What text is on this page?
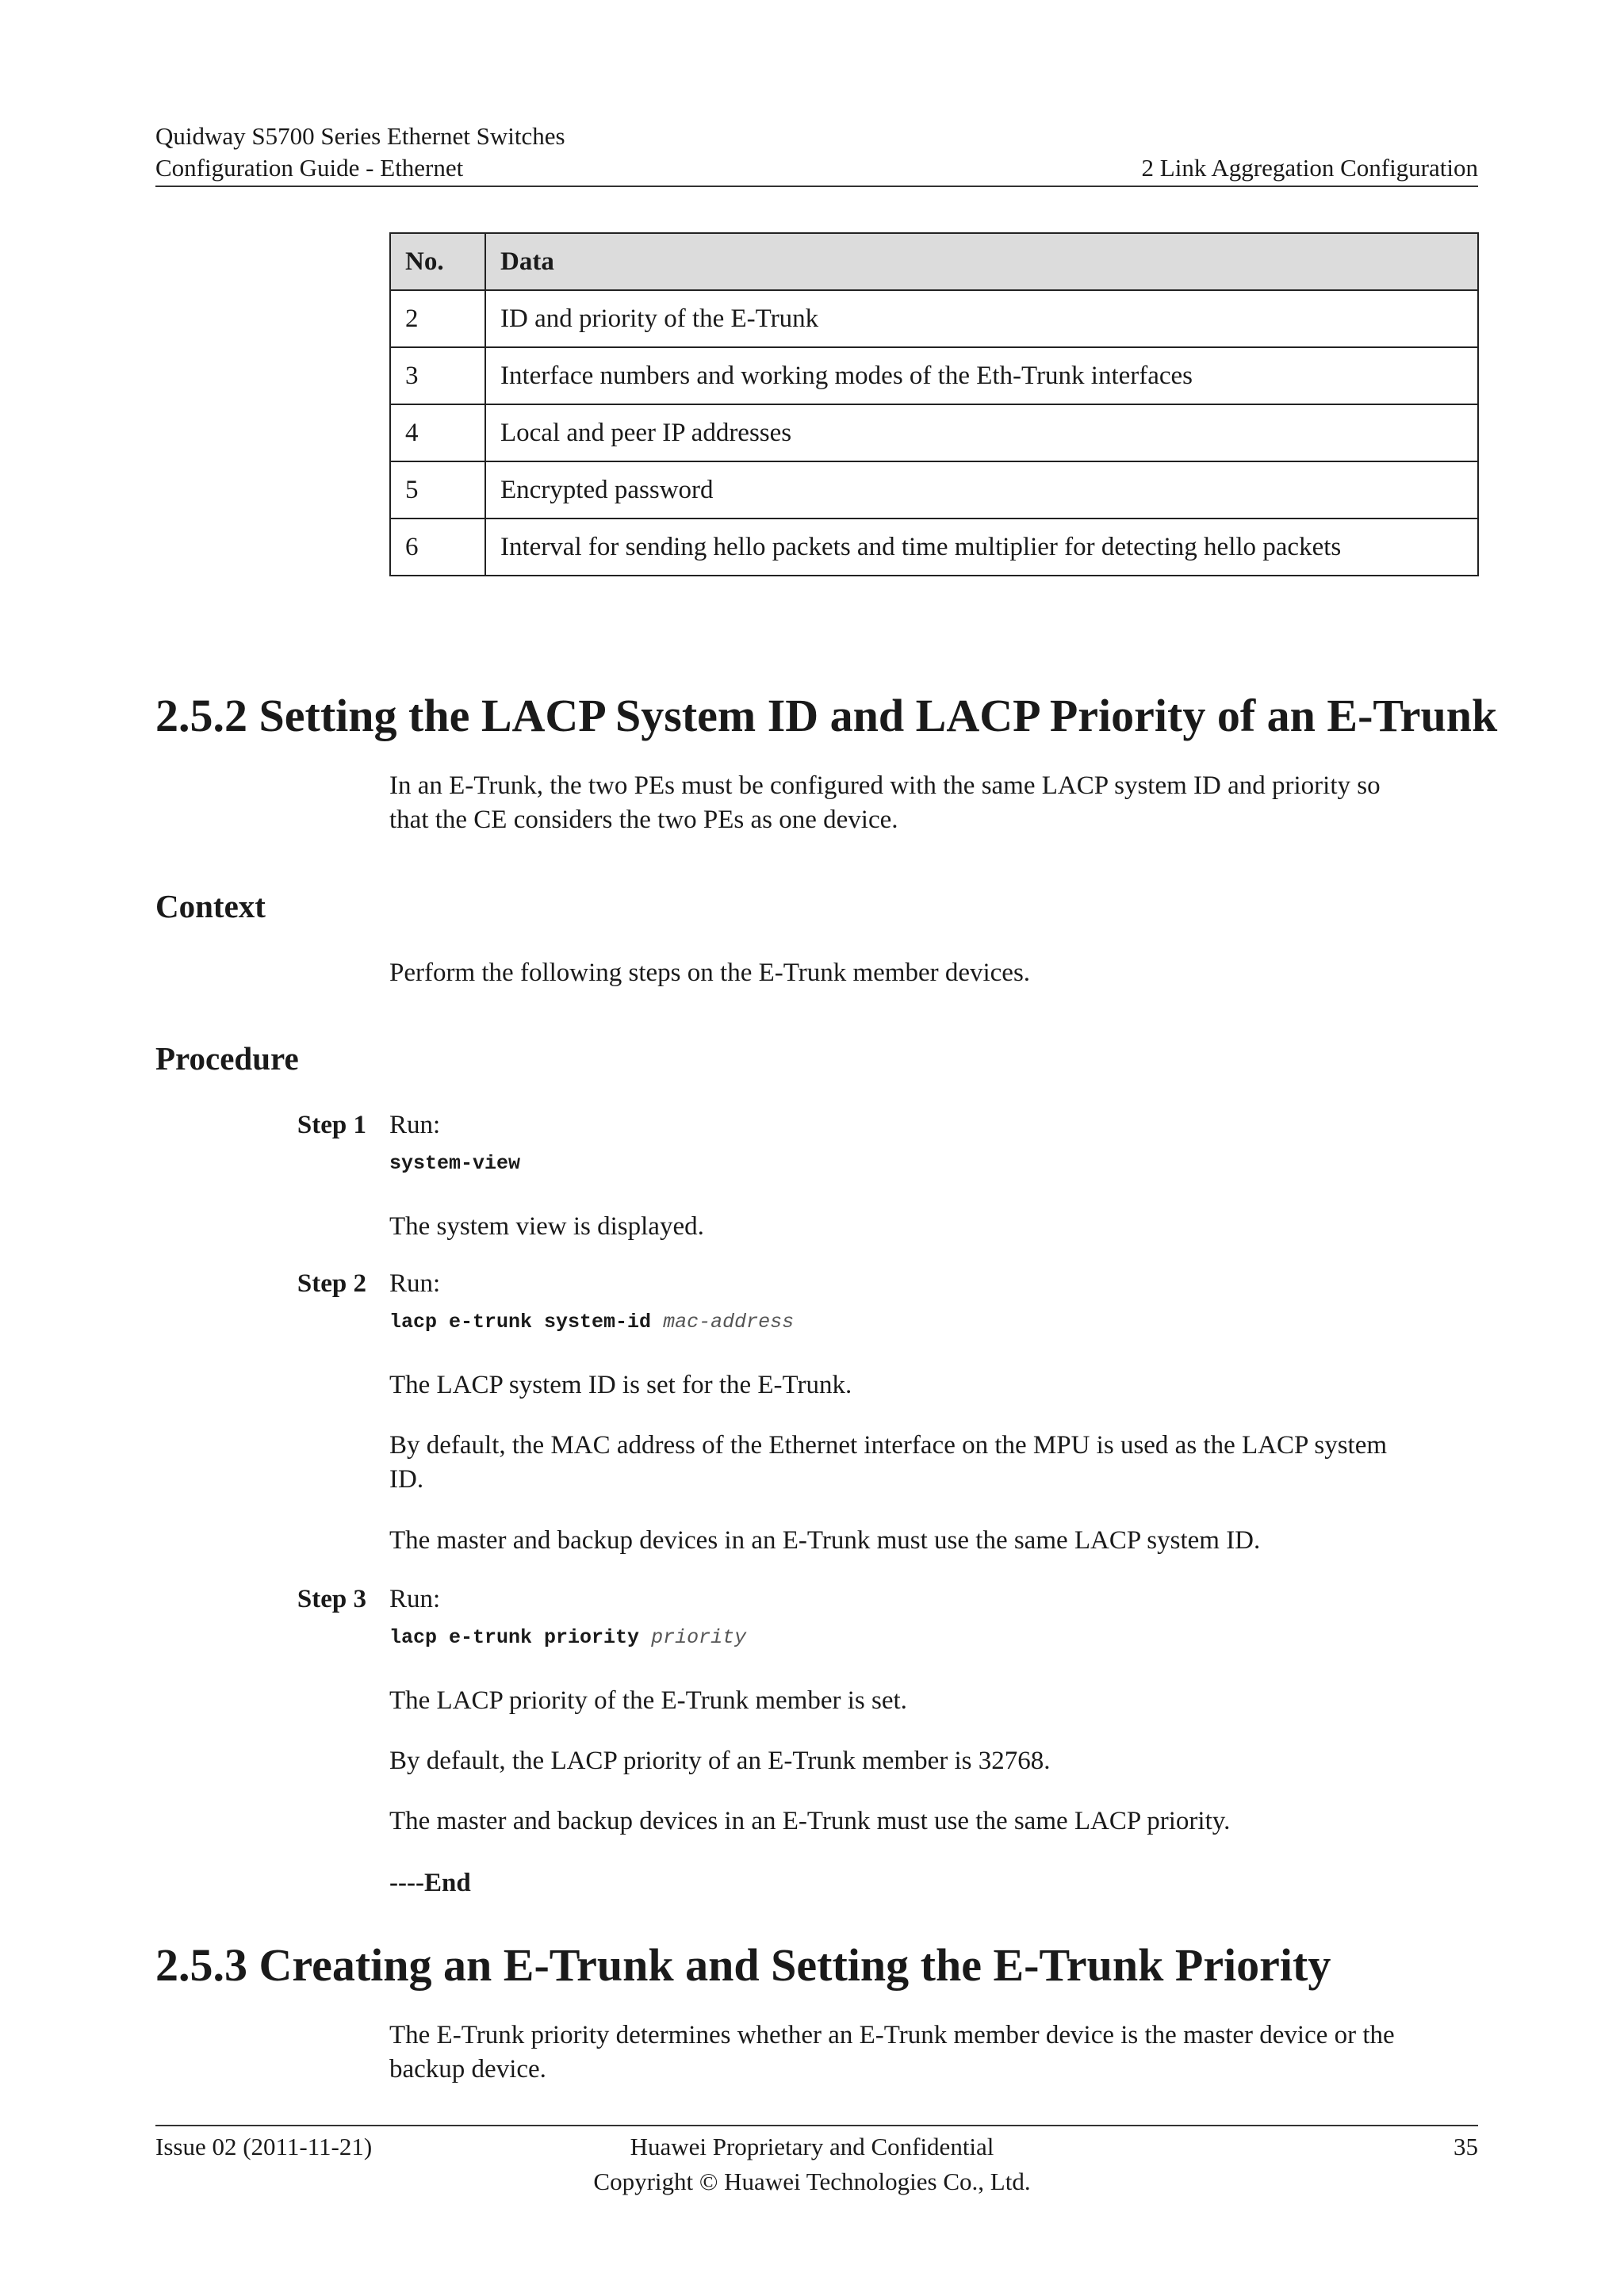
Quidway S5700 Series Ethernet Switches
Configuration Guide - Ethernet	2 Link Aggregation Configuration
No.	Data
2	ID and priority of the E-Trunk
3	Interface numbers and working modes of the Eth-Trunk interfaces
4	Local and peer IP addresses
5	Encrypted password
6	Interval for sending hello packets and time multiplier for detecting hello packets
2.5.2 Setting the LACP System ID and LACP Priority of an E-Trunk
In an E-Trunk, the two PEs must be configured with the same LACP system ID and priority so
that the CE considers the two PEs as one device.
Context
Perform the following steps on the E-Trunk member devices.
Procedure
Step 1 Run:
system-view
The system view is displayed.
Step 2 Run:
lacp e-trunk system-id mac-address
The LACP system ID is set for the E-Trunk.
By default, the MAC address of the Ethernet interface on the MPU is used as the LACP system
ID.
The master and backup devices in an E-Trunk must use the same LACP system ID.
Step 3 Run:
lacp e-trunk priority priority
The LACP priority of the E-Trunk member is set.
By default, the LACP priority of an E-Trunk member is 32768.
The master and backup devices in an E-Trunk must use the same LACP priority.
----End
2.5.3 Creating an E-Trunk and Setting the E-Trunk Priority
The E-Trunk priority determines whether an E-Trunk member device is the master device or the
backup device.
Issue 02 (2011-11-21)	Huawei Proprietary and Confidential
Copyright © Huawei Technologies Co., Ltd.
35
